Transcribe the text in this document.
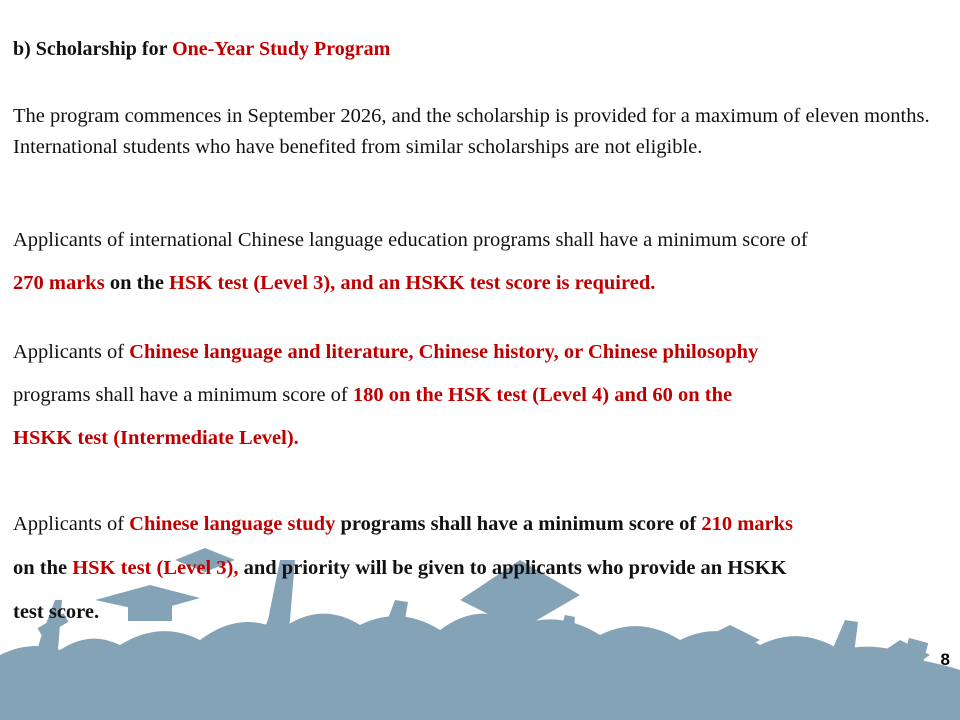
b) Scholarship for One-Year Study Program
The program commences in September 2026, and the scholarship is provided for a maximum of eleven months. International students who have benefited from similar scholarships are not eligible.
Applicants of international Chinese language education programs shall have a minimum score of
270 marks on the HSK test (Level 3), and an HSKK test score is required.
Applicants of Chinese language and literature, Chinese history, or Chinese philosophy
programs shall have a minimum score of 180 on the HSK test (Level 4) and 60 on the
HSKK test (Intermediate Level).
Applicants of Chinese language study programs shall have a minimum score of 210 marks
on the HSK test (Level 3), and priority will be given to applicants who provide an HSKK
test score.
8
